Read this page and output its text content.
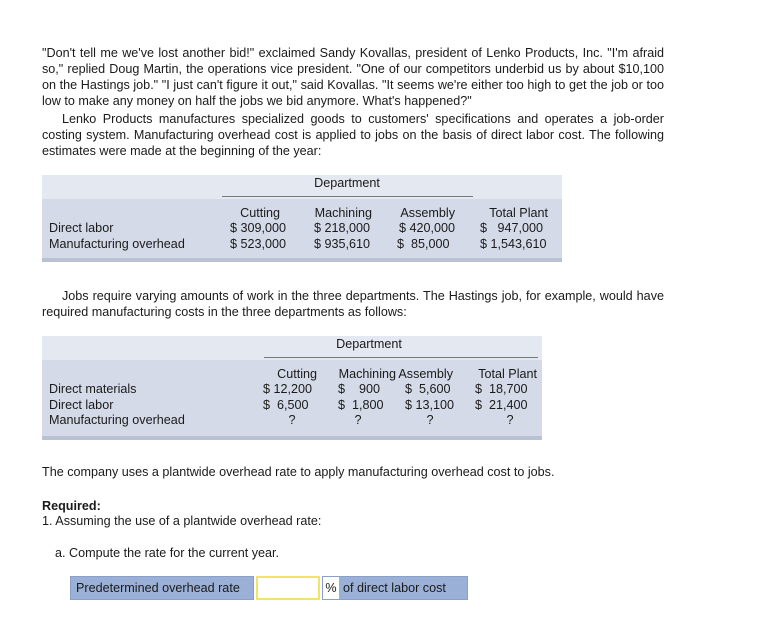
"Don't tell me we've lost another bid!" exclaimed Sandy Kovallas, president of Lenko Products, Inc. "I'm afraid so," replied Doug Martin, the operations vice president. "One of our competitors underbid us by about $10,100 on the Hastings job." "I just can't figure it out," said Kovallas. "It seems we're either too high to get the job or too low to make any money on half the jobs we bid anymore. What's happened?"

Lenko Products manufactures specialized goods to customers' specifications and operates a job-order costing system. Manufacturing overhead cost is applied to jobs on the basis of direct labor cost. The following estimates were made at the beginning of the year:

Department
Cutting	Machining	Assembly	Total Plant
Direct labor	$ 309,000	$ 218,000	$ 420,000 $   947,000
Manufacturing overhead	$ 523,000	$ 935,610 $  85,000 $ 1,543,610

Jobs require varying amounts of work in the three departments. The Hastings job, for example, would have required manufacturing costs in the three departments as follows:

Department
Cutting	Machining Assembly	Total Plant
Direct materials	$ 12,200 $    900 $  5,600 $  18,700
Direct labor	$  6,500 $  1,800 $ 13,100 $  21,400
Manufacturing overhead	?	?	?	?

The company uses a plantwide overhead rate to apply manufacturing overhead cost to jobs.

Required:

1. Assuming the use of a plantwide overhead rate:

a. Compute the rate for the current year.

Predetermined overhead rate	% of direct labor cost
